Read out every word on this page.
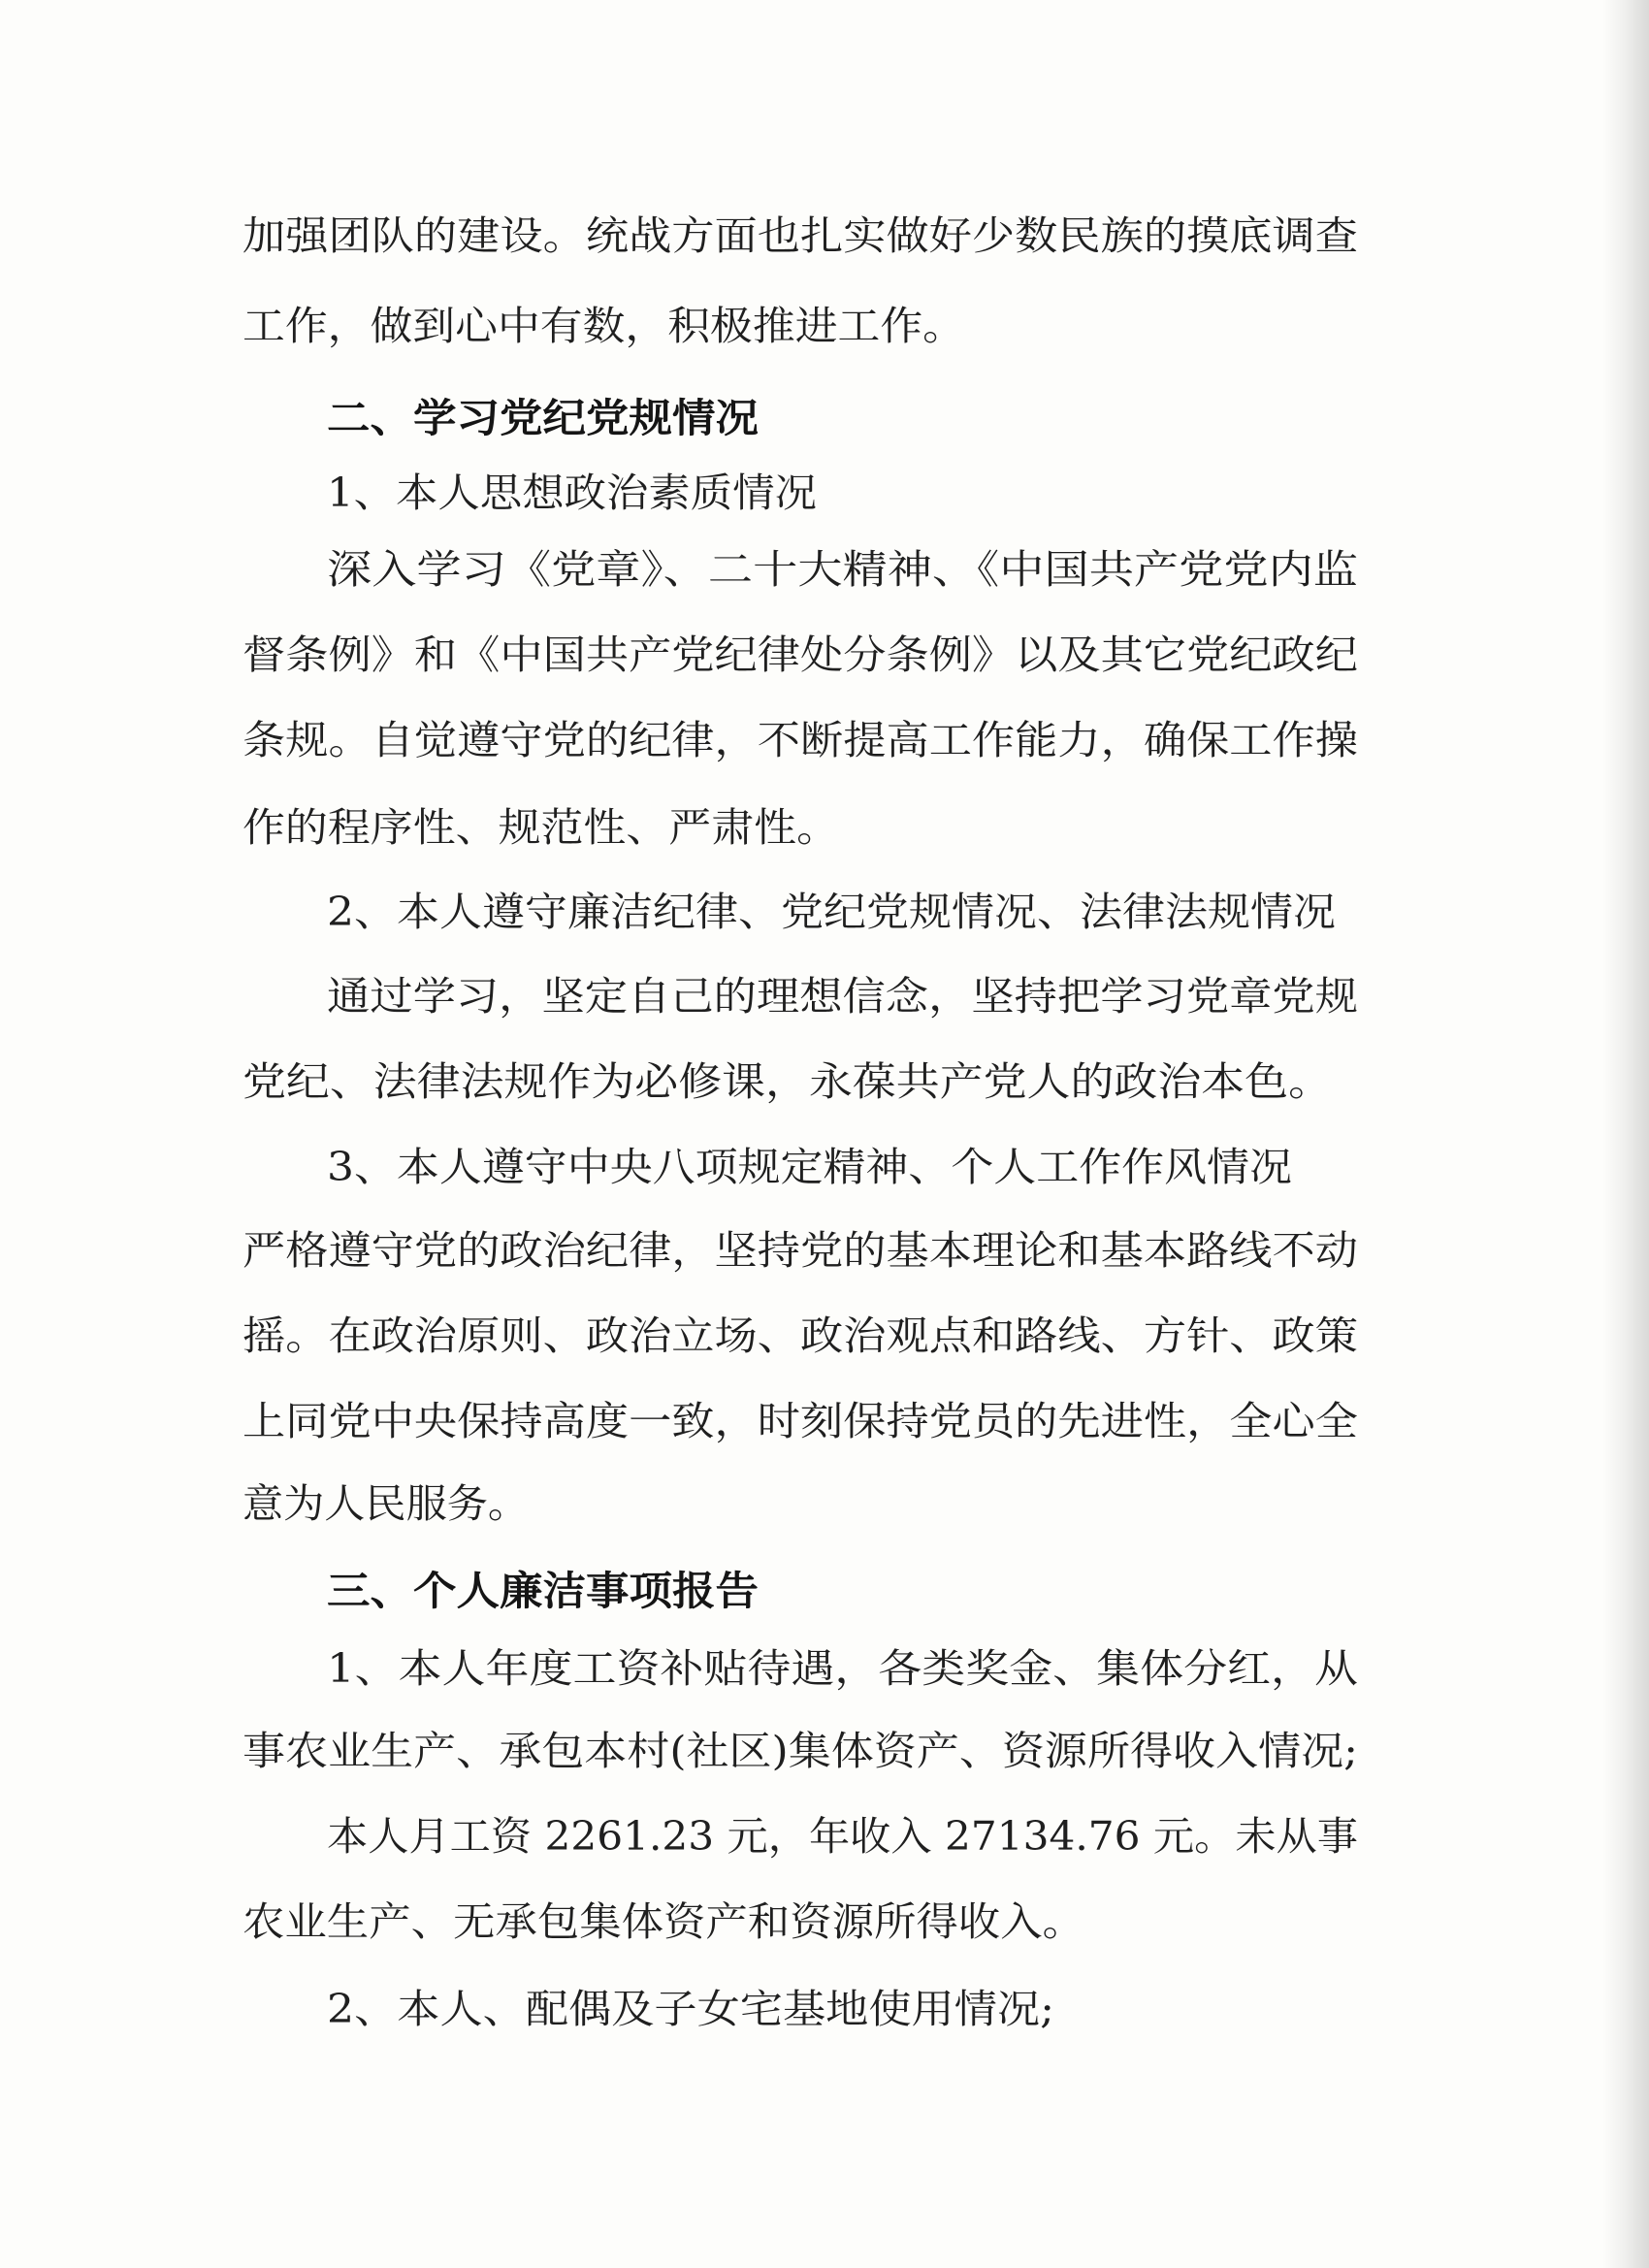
加强团队的建设。统战方面也扎实做好少数民族的摸底调查
工作，做到心中有数，积极推进工作。
二、学习党纪党规情况
1、本人思想政治素质情况
深入学习《党章》、二十大精神、《中国共产党党内监
督条例》和《中国共产党纪律处分条例》以及其它党纪政纪
条规。自觉遵守党的纪律，不断提高工作能力，确保工作操
作的程序性、规范性、严肃性。
2、本人遵守廉洁纪律、党纪党规情况、法律法规情况
通过学习，坚定自己的理想信念，坚持把学习党章党规
党纪、法律法规作为必修课，永葆共产党人的政治本色。
3、本人遵守中央八项规定精神、个人工作作风情况
严格遵守党的政治纪律，坚持党的基本理论和基本路线不动
摇。在政治原则、政治立场、政治观点和路线、方针、政策
上同党中央保持高度一致，时刻保持党员的先进性，全心全
意为人民服务。
三、个人廉洁事项报告
1、本人年度工资补贴待遇，各类奖金、集体分红，从
事农业生产、承包本村(社区)集体资产、资源所得收入情况;
本人月工资 2261.23 元，年收入 27134.76 元。未从事
农业生产、无承包集体资产和资源所得收入。
2、本人、配偶及子女宅基地使用情况;
